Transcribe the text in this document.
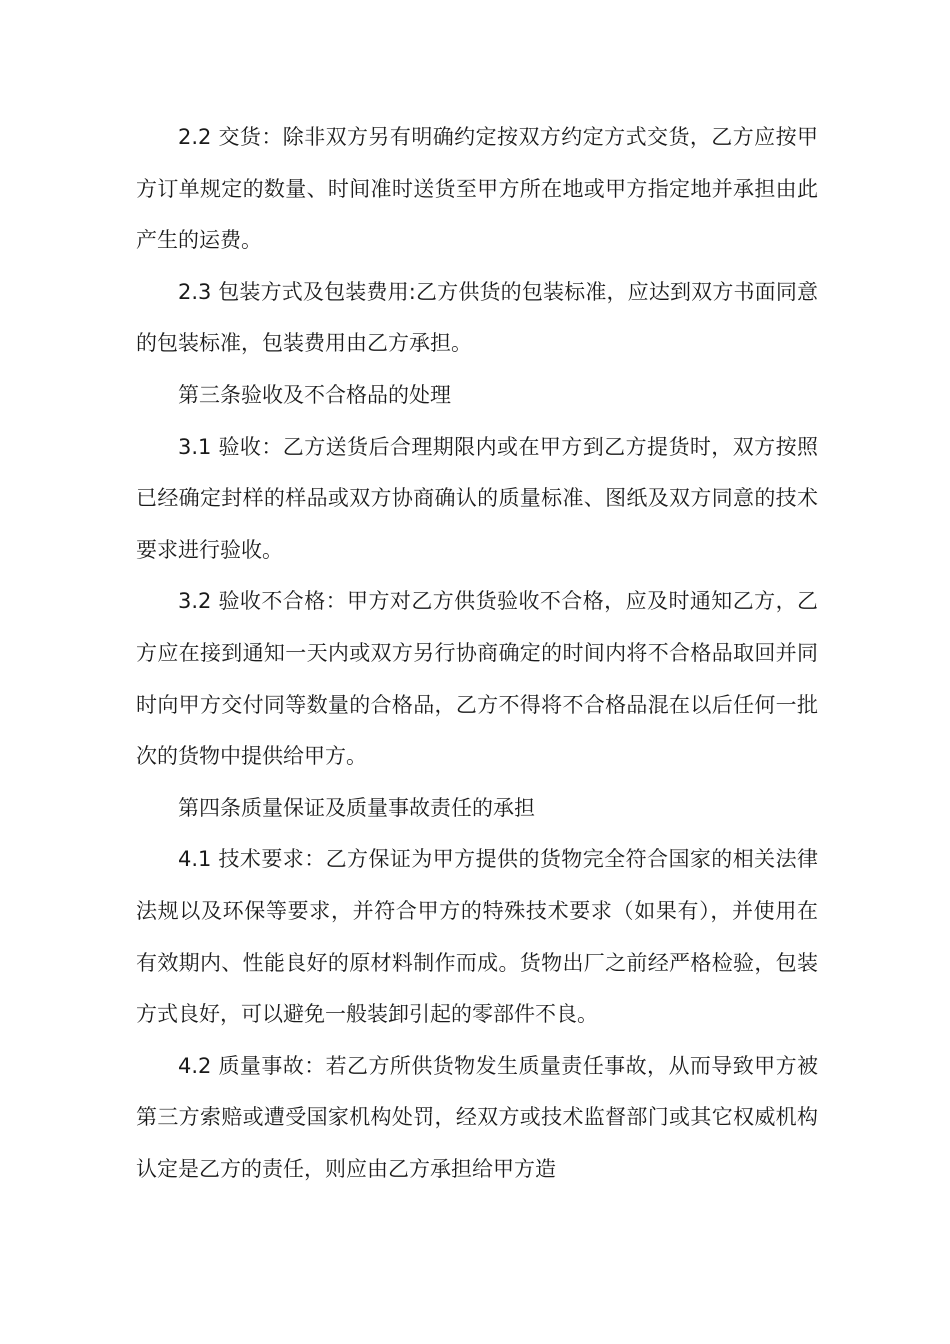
2.2 交货：除非双方另有明确约定按双方约定方式交货，乙方应按甲方订单规定的数量、时间准时送货至甲方所在地或甲方指定地并承担由此产生的运费。

2.3 包装方式及包装费用:乙方供货的包装标准，应达到双方书面同意的包装标准，包装费用由乙方承担。

第三条验收及不合格品的处理

3.1 验收：乙方送货后合理期限内或在甲方到乙方提货时，双方按照已经确定封样的样品或双方协商确认的质量标准、图纸及双方同意的技术要求进行验收。

3.2 验收不合格：甲方对乙方供货验收不合格，应及时通知乙方，乙方应在接到通知一天内或双方另行协商确定的时间内将不合格品取回并同时向甲方交付同等数量的合格品，乙方不得将不合格品混在以后任何一批次的货物中提供给甲方。

第四条质量保证及质量事故责任的承担

4.1 技术要求：乙方保证为甲方提供的货物完全符合国家的相关法律法规以及环保等要求，并符合甲方的特殊技术要求（如果有），并使用在有效期内、性能良好的原材料制作而成。货物出厂之前经严格检验，包装方式良好，可以避免一般装卸引起的零部件不良。

4.2 质量事故：若乙方所供货物发生质量责任事故，从而导致甲方被第三方索赔或遭受国家机构处罚，经双方或技术监督部门或其它权威机构认定是乙方的责任，则应由乙方承担给甲方造
